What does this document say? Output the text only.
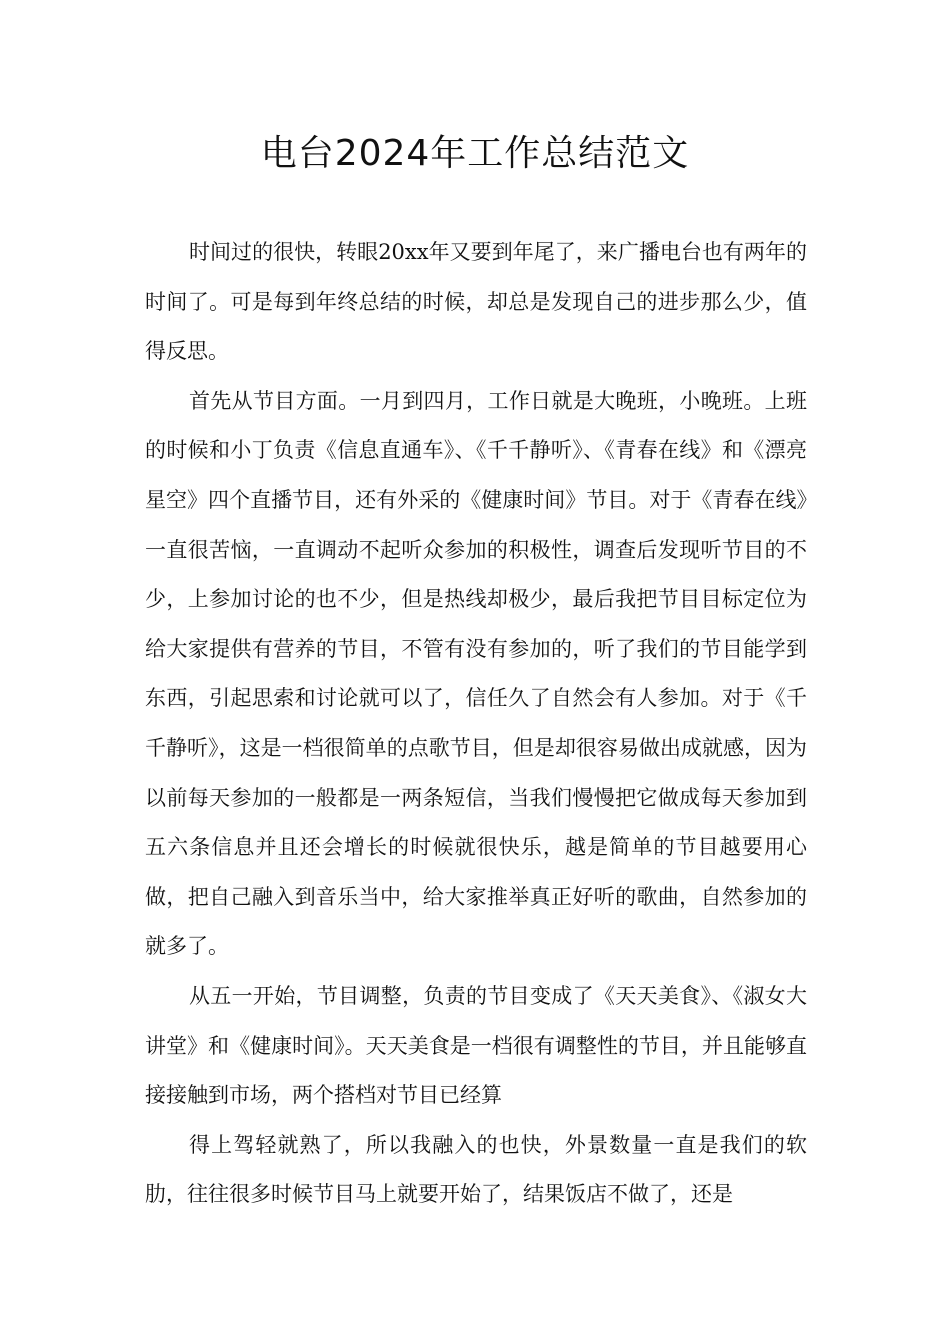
电台2024年工作总结范文

时间过的很快，转眼20xx年又要到年尾了，来广播电台也有两年的时间了。可是每到年终总结的时候，却总是发现自己的进步那么少，值得反思。

首先从节目方面。一月到四月，工作日就是大晚班，小晚班。上班的时候和小丁负责《信息直通车》、《千千静听》、《青春在线》和《漂亮星空》四个直播节目，还有外采的《健康时间》节目。对于《青春在线》一直很苦恼，一直调动不起听众参加的积极性，调查后发现听节目的不少，上参加讨论的也不少，但是热线却极少，最后我把节目目标定位为给大家提供有营养的节目，不管有没有参加的，听了我们的节目能学到东西，引起思索和讨论就可以了，信任久了自然会有人参加。对于《千千静听》，这是一档很简单的点歌节目，但是却很容易做出成就感，因为以前每天参加的一般都是一两条短信，当我们慢慢把它做成每天参加到五六条信息并且还会增长的时候就很快乐，越是简单的节目越要用心做，把自己融入到音乐当中，给大家推举真正好听的歌曲，自然参加的就多了。

从五一开始，节目调整，负责的节目变成了《天天美食》、《淑女大讲堂》和《健康时间》。天天美食是一档很有调整性的节目，并且能够直接接触到市场，两个搭档对节目已经算

得上驾轻就熟了，所以我融入的也快，外景数量一直是我们的软肋，往往很多时候节目马上就要开始了，结果饭店不做了，还是
